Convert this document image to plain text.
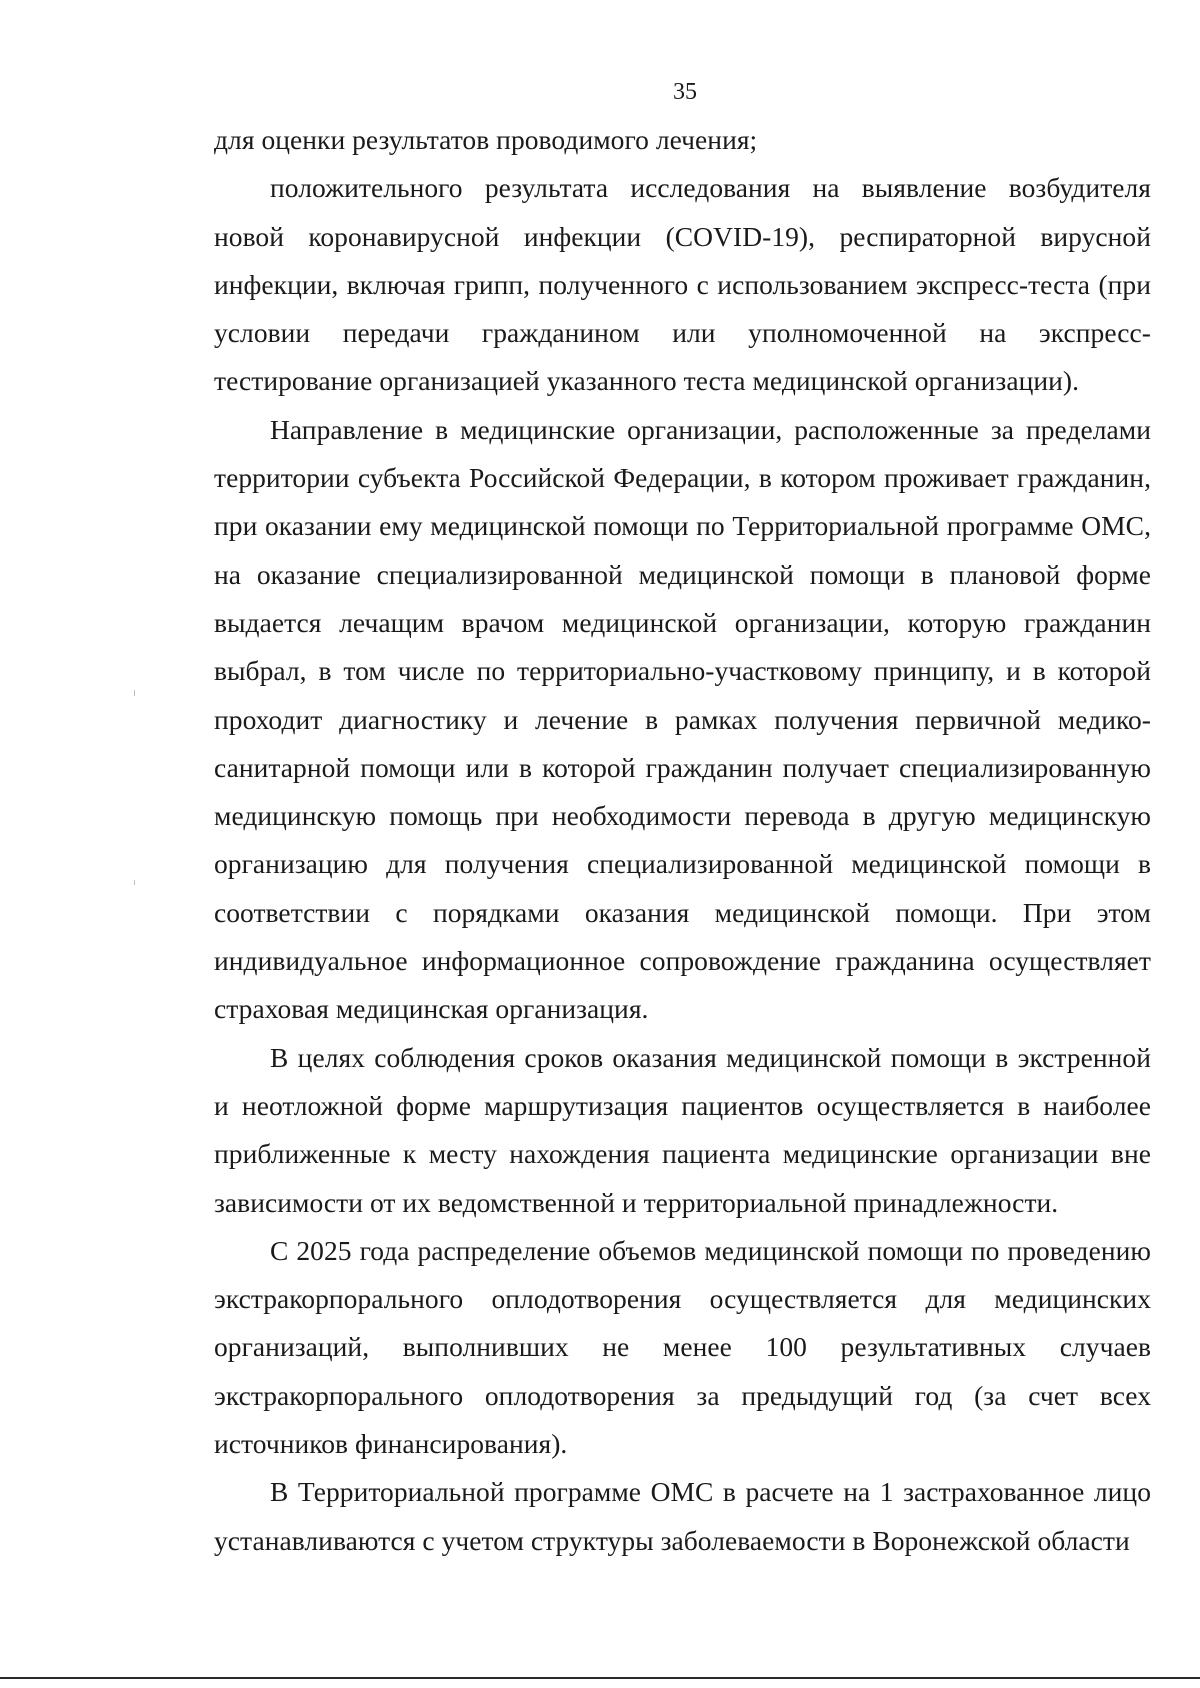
35

для оценки результатов проводимого лечения;

положительного результата исследования на выявление возбудителя новой коронавирусной инфекции (COVID-19), респираторной вирусной инфекции, включая грипп, полученного с использованием экспресс-теста (при условии передачи гражданином или уполномоченной на экспресс-тестирование организацией указанного теста медицинской организации).

Направление в медицинские организации, расположенные за пределами территории субъекта Российской Федерации, в котором проживает гражданин, при оказании ему медицинской помощи по Территориальной программе ОМС, на оказание специализированной медицинской помощи в плановой форме выдается лечащим врачом медицинской организации, которую гражданин выбрал, в том числе по территориально-участковому принципу, и в которой проходит диагностику и лечение в рамках получения первичной медико-санитарной помощи или в которой гражданин получает специализированную медицинскую помощь при необходимости перевода в другую медицинскую организацию для получения специализированной медицинской помощи в соответствии с порядками оказания медицинской помощи. При этом индивидуальное информационное сопровождение гражданина осуществляет страховая медицинская организация.

В целях соблюдения сроков оказания медицинской помощи в экстренной и неотложной форме маршрутизация пациентов осуществляется в наиболее приближенные к месту нахождения пациента медицинские организации вне зависимости от их ведомственной и территориальной принадлежности.

С 2025 года распределение объемов медицинской помощи по проведению экстракорпорального оплодотворения осуществляется для медицинских организаций, выполнивших не менее 100 результативных случаев экстракорпорального оплодотворения за предыдущий год (за счет всех источников финансирования).

В Территориальной программе ОМС в расчете на 1 застрахованное лицо устанавливаются с учетом структуры заболеваемости в Воронежской области
